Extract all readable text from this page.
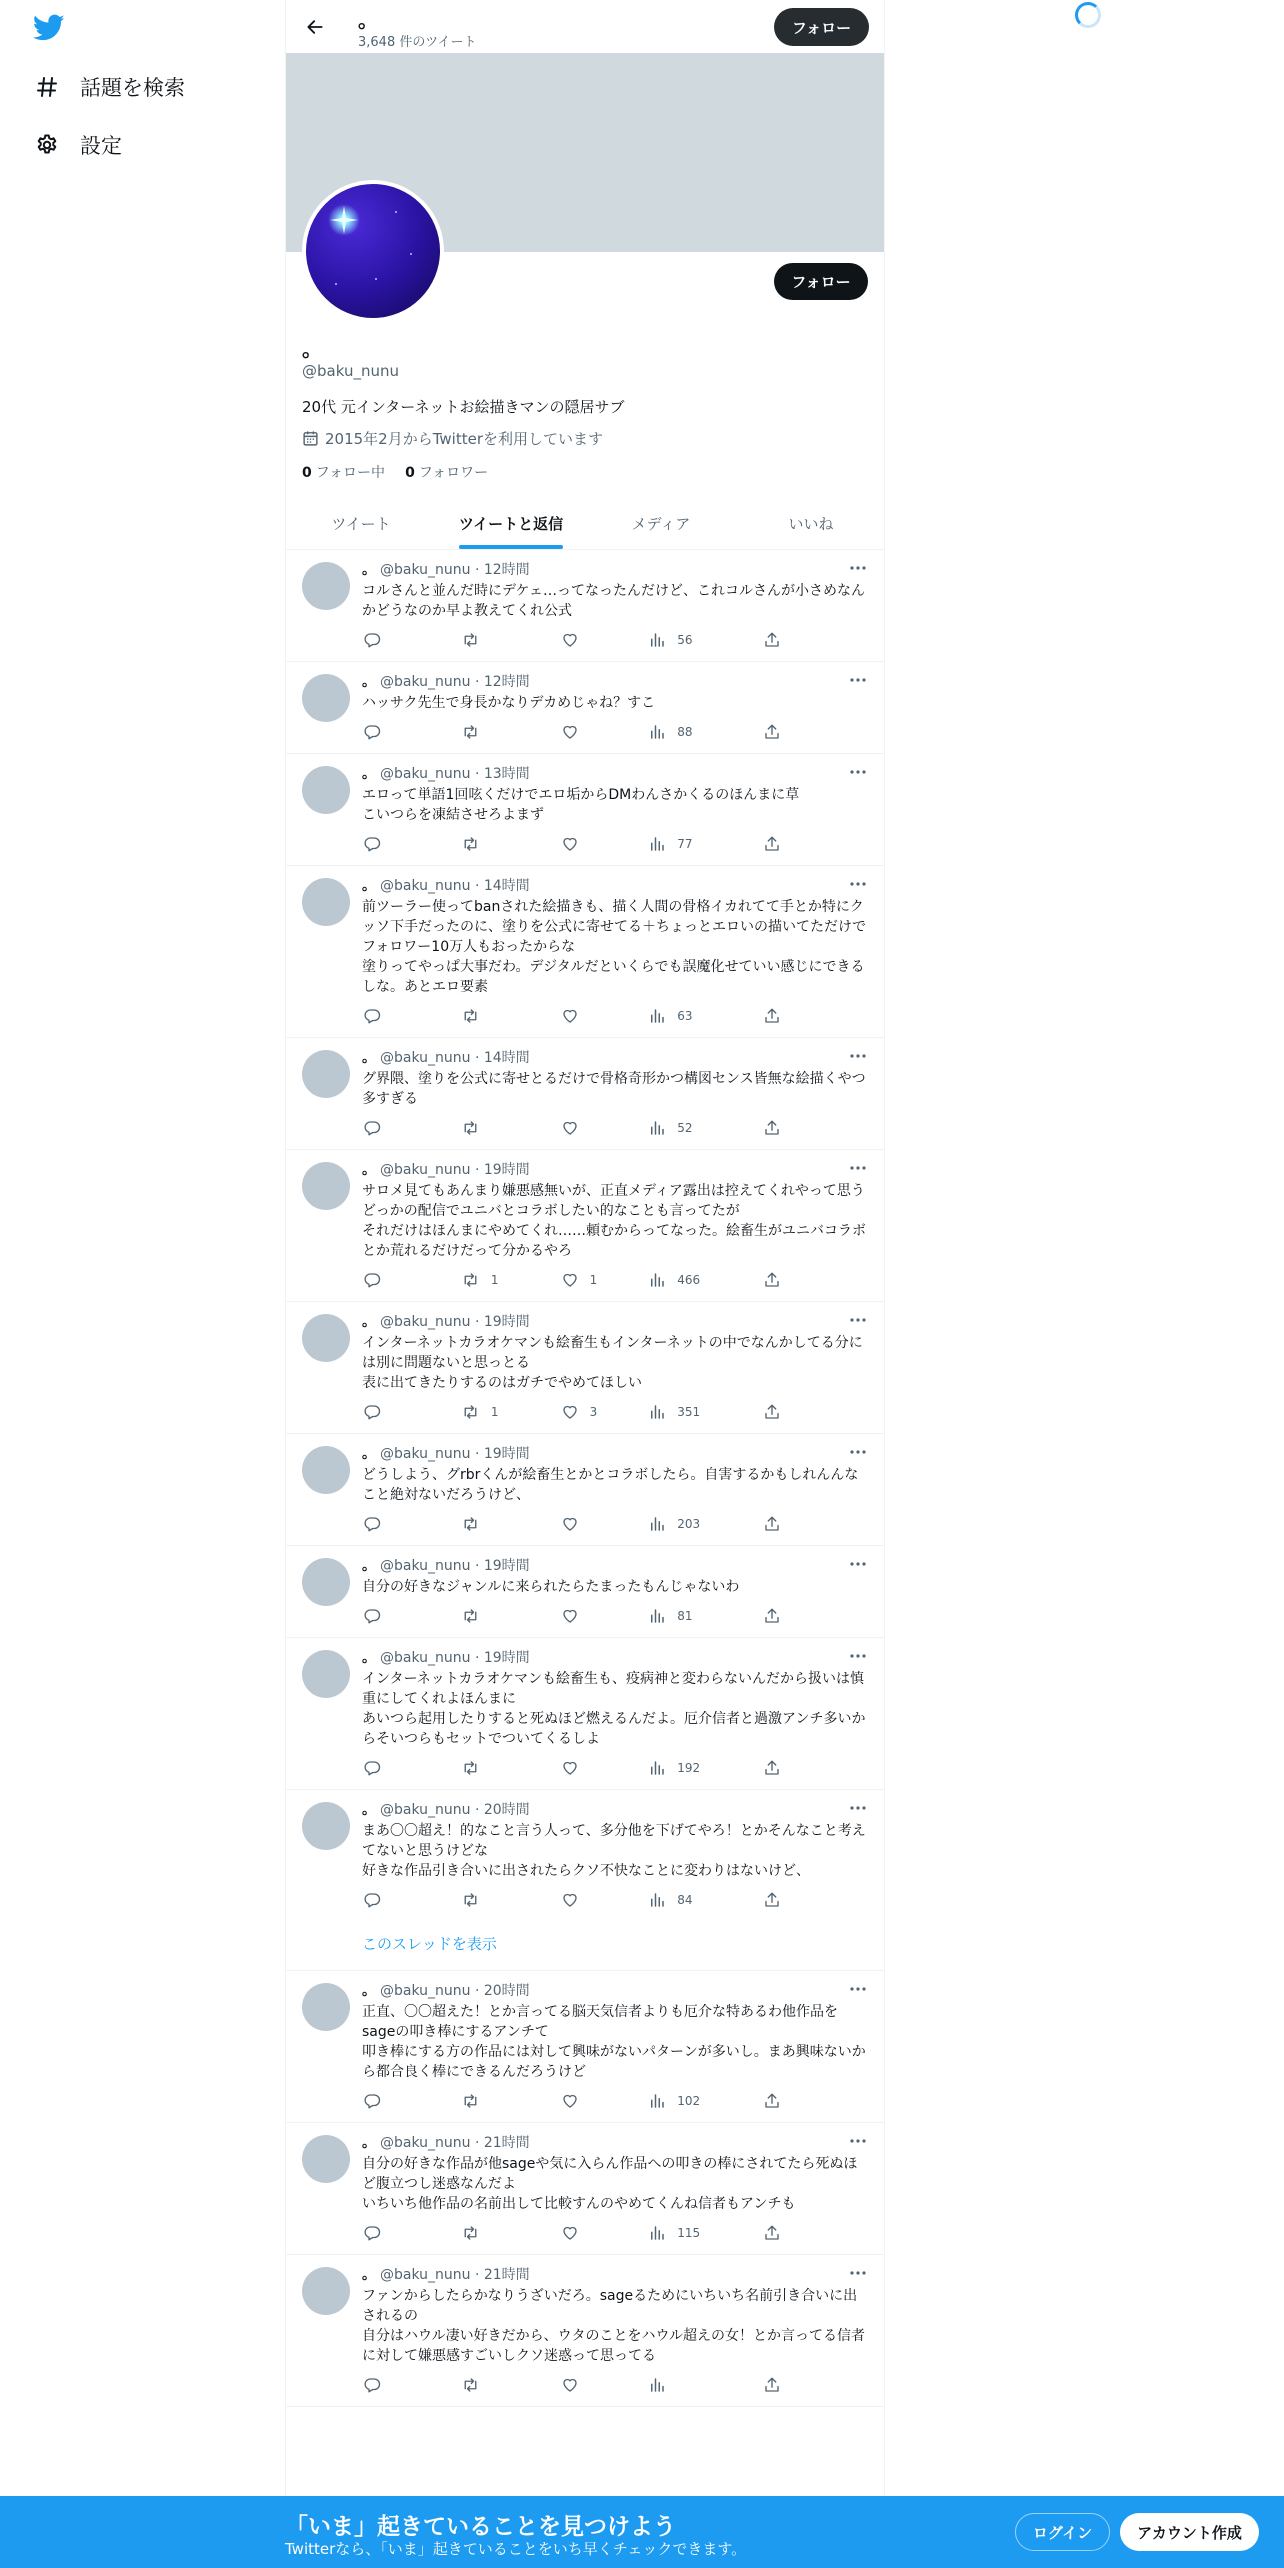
話題を検索
設定
。
3,648 件のツイート
フォロー
フォロー
。
@baku_nunu
20代 元インターネットお絵描きマンの隠居サブ
2015年2月からTwitterを利用しています
0 フォロー中 0 フォロワー
ツイート	ツイートと返信	メディア	いいね
。 @baku_nunu · 12時間
コルさんと並んだ時にデケェ…ってなったんだけど、これコルさんが小さめなんかどうなのか早よ教えてくれ公式
56
。 @baku_nunu · 12時間
ハッサク先生で身長かなりデカめじゃね？すこ
88
。 @baku_nunu · 13時間
エロって単語1回呟くだけでエロ垢からDMわんさかくるのほんまに草
こいつらを凍結させろよまず
77
。 @baku_nunu · 14時間
前ツーラー使ってbanされた絵描きも、描く人間の骨格イカれてて手とか特にクッソ下手だったのに、塗りを公式に寄せてる＋ちょっとエロいの描いてただけでフォロワー10万人もおったからな
塗りってやっぱ大事だわ。デジタルだといくらでも誤魔化せていい感じにできるしな。あとエロ要素
63
。 @baku_nunu · 14時間
グ界隈、塗りを公式に寄せとるだけで骨格奇形かつ構図センス皆無な絵描くやつ多すぎる
52
。 @baku_nunu · 19時間
サロメ見てもあんまり嫌悪感無いが、正直メディア露出は控えてくれやって思う
どっかの配信でユニバとコラボしたい的なことも言ってたが
それだけはほんまにやめてくれ……頼むからってなった。絵畜生がユニバコラボとか荒れるだけだって分かるやろ
1	1	466
。 @baku_nunu · 19時間
インターネットカラオケマンも絵畜生もインターネットの中でなんかしてる分には別に問題ないと思っとる
表に出てきたりするのはガチでやめてほしい
1	3	351
。 @baku_nunu · 19時間
どうしよう、グrbrくんが絵畜生とかとコラボしたら。自害するかもしれんんなこと絶対ないだろうけど、
203
。 @baku_nunu · 19時間
自分の好きなジャンルに来られたらたまったもんじゃないわ
81
。 @baku_nunu · 19時間
インターネットカラオケマンも絵畜生も、疫病神と変わらないんだから扱いは慎重にしてくれよほんまに
あいつら起用したりすると死ぬほど燃えるんだよ。厄介信者と過激アンチ多いからそいつらもセットでついてくるしよ
192
。 @baku_nunu · 20時間
まあ〇〇超え！的なこと言う人って、多分他を下げてやろ！とかそんなこと考えてないと思うけどな
好きな作品引き合いに出されたらクソ不快なことに変わりはないけど、
84
このスレッドを表示
。 @baku_nunu · 20時間
正直、〇〇超えた！とか言ってる脳天気信者よりも厄介な特あるわ他作品をsageの叩き棒にするアンチて
叩き棒にする方の作品には対して興味がないパターンが多いし。まあ興味ないから都合良く棒にできるんだろうけど
102
。 @baku_nunu · 21時間
自分の好きな作品が他sageや気に入らん作品への叩きの棒にされてたら死ぬほど腹立つし迷惑なんだよ
いちいち他作品の名前出して比較すんのやめてくんね信者もアンチも
115
。 @baku_nunu · 21時間
ファンからしたらかなりうざいだろ。sageるためにいちいち名前引き合いに出されるの
自分はハウル凄い好きだから、ウタのことをハウル超えの女！とか言ってる信者に対して嫌悪感すごいしクソ迷惑って思ってる
「いま」起きていることを見つけよう
Twitterなら、「いま」起きていることをいち早くチェックできます。
ログイン	アカウント作成
